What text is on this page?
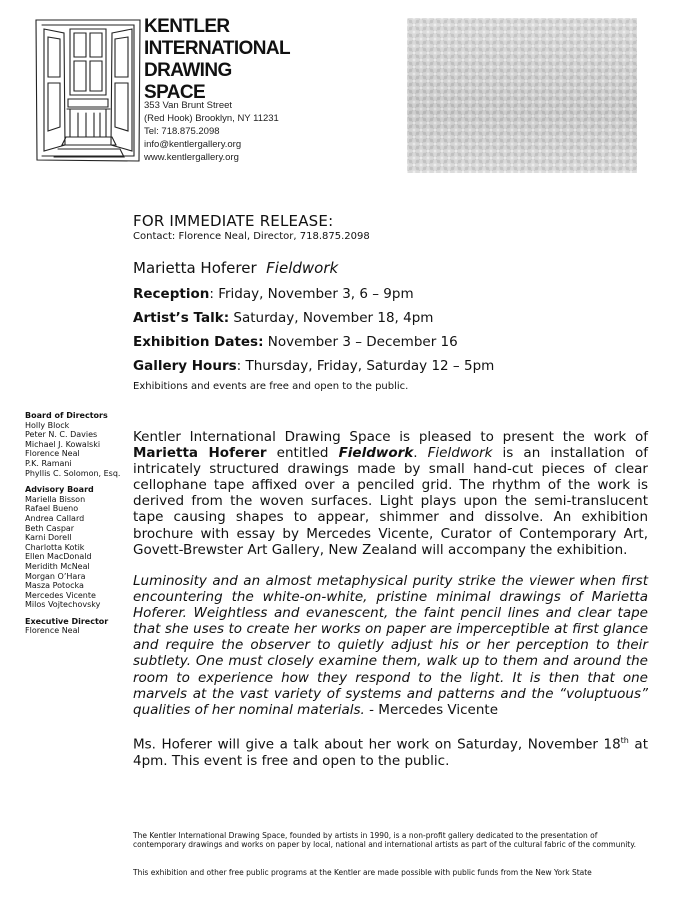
KENTLER
INTERNATIONAL
DRAWING
SPACE
353 Van Brunt Street
(Red Hook) Brooklyn, NY 11231
Tel: 718.875.2098
info@kentlergallery.org
www.kentlergallery.org
FOR IMMEDIATE RELEASE:
Contact: Florence Neal, Director, 718.875.2098
Marietta Hoferer Fieldwork
Reception: Friday, November 3, 6 – 9pm
Artist’s Talk: Saturday, November 18, 4pm
Exhibition Dates: November 3 – December 16
Gallery Hours: Thursday, Friday, Saturday 12 – 5pm
Exhibitions and events are free and open to the public.
Board of Directors
Holly Block
Peter N. C. Davies
Michael J. Kowalski
Florence Neal
P.K. Ramani
Phyllis C. Solomon, Esq.
Advisory Board
Mariella Bisson
Rafael Bueno
Andrea Callard
Beth Caspar
Karni Dorell
Charlotta Kotik
Ellen MacDonald
Meridith McNeal
Morgan O’Hara
Masza Potocka
Mercedes Vicente
Milos Vojtechovsky
Executive Director
Florence Neal

Kentler International Drawing Space is pleased to present the work of Marietta Hoferer entitled Fieldwork. Fieldwork is an installation of intricately structured drawings made by small hand-cut pieces of clear cellophane tape affixed over a penciled grid. The rhythm of the work is derived from the woven surfaces. Light plays upon the semi-translucent tape causing shapes to appear, shimmer and dissolve. An exhibition brochure with essay by Mercedes Vicente, Curator of Contemporary Art, Govett-Brewster Art Gallery, New Zealand will accompany the exhibition.

Luminosity and an almost metaphysical purity strike the viewer when first encountering the white-on-white, pristine minimal drawings of Marietta Hoferer. Weightless and evanescent, the faint pencil lines and clear tape that she uses to create her works on paper are imperceptible at first glance and require the observer to quietly adjust his or her perception to their subtlety. One must closely examine them, walk up to them and around the room to experience how they respond to the light. It is then that one marvels at the vast variety of systems and patterns and the “voluptuous” qualities of her nominal materials. - Mercedes Vicente

Ms. Hoferer will give a talk about her work on Saturday, November 18th at 4pm. This event is free and open to the public.

The Kentler International Drawing Space, founded by artists in 1990, is a non-profit gallery dedicated to the presentation of contemporary drawings and works on paper by local, national and international artists as part of the cultural fabric of the community.

This exhibition and other free public programs at the Kentler are made possible with public funds from the New York State
